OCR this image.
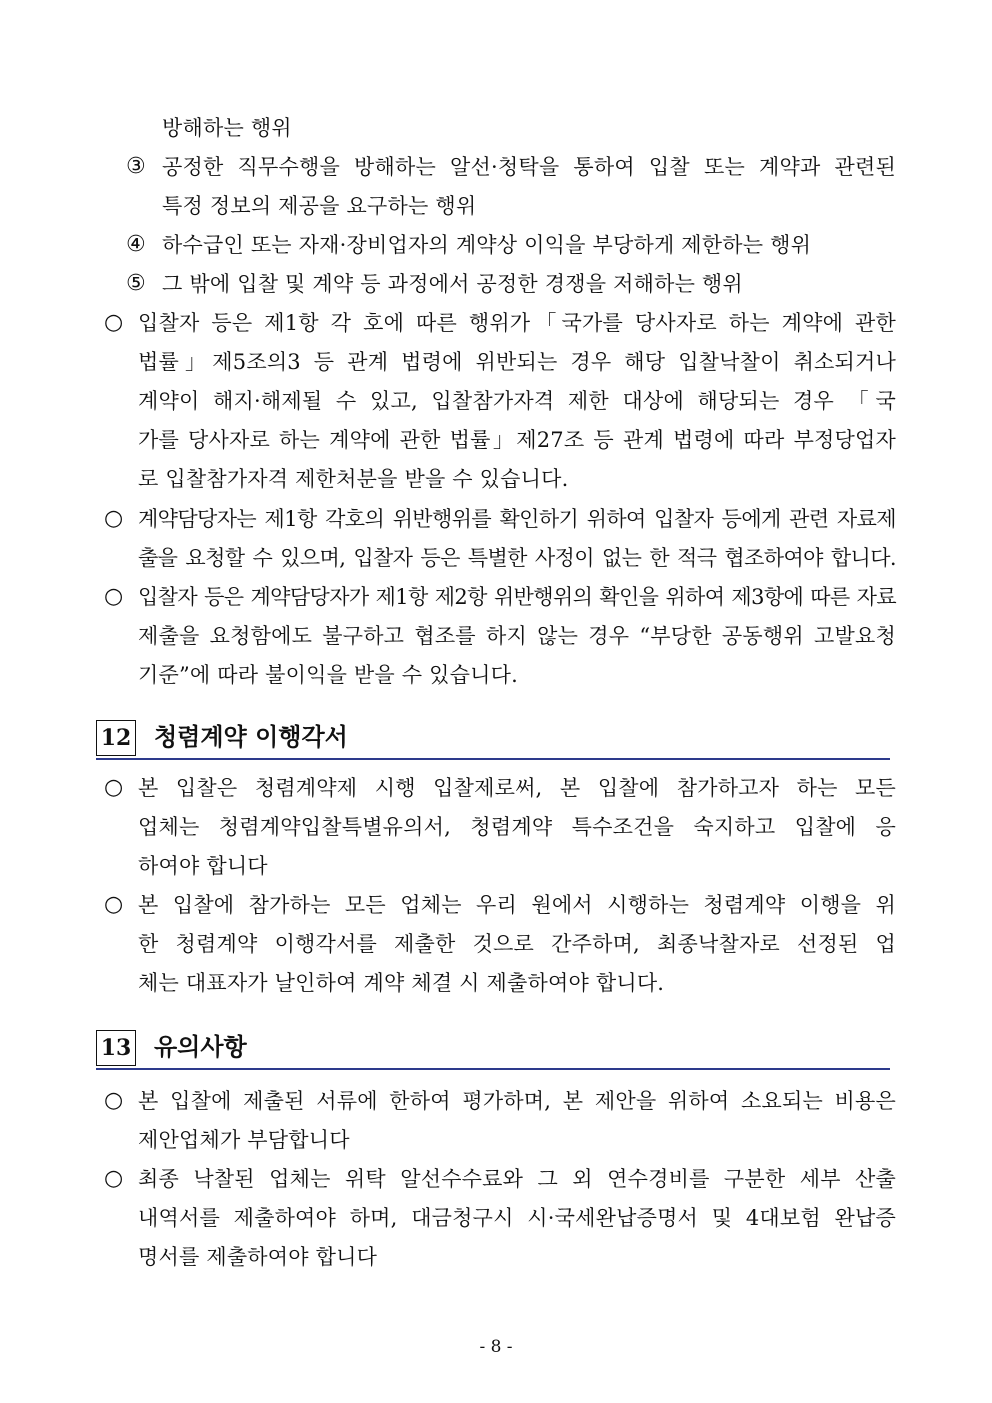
방해하는 행위
③ 공정한 직무수행을 방해하는 알선·청탁을 통하여 입찰 또는 계약과 관련된
특정 정보의 제공을 요구하는 행위
④ 하수급인 또는 자재·장비업자의 계약상 이익을 부당하게 제한하는 행위
⑤ 그 밖에 입찰 및 계약 등 과정에서 공정한 경쟁을 저해하는 행위
○ 입찰자 등은 제1항 각 호에 따른 행위가「국가를 당사자로 하는 계약에 관한
법률」제5조의3 등 관계 법령에 위반되는 경우 해당 입찰낙찰이 취소되거나
계약이 해지·해제될 수 있고, 입찰참가자격 제한 대상에 해당되는 경우 「국
가를 당사자로 하는 계약에 관한 법률」제27조 등 관계 법령에 따라 부정당업자
로 입찰참가자격 제한처분을 받을 수 있습니다.
○ 계약담당자는 제1항 각호의 위반행위를 확인하기 위하여 입찰자 등에게 관련 자료제
출을 요청할 수 있으며, 입찰자 등은 특별한 사정이 없는 한 적극 협조하여야 합니다.
○ 입찰자 등은 계약담당자가 제1항 제2항 위반행위의 확인을 위하여 제3항에 따른 자료
제출을 요청함에도 불구하고 협조를 하지 않는 경우 “부당한 공동행위 고발요청
기준”에 따라 불이익을 받을 수 있습니다.
12 청렴계약 이행각서
○ 본 입찰은 청렴계약제 시행 입찰제로써, 본 입찰에 참가하고자 하는 모든
업체는 청렴계약입찰특별유의서, 청렴계약 특수조건을 숙지하고 입찰에 응
하여야 합니다
○ 본 입찰에 참가하는 모든 업체는 우리 원에서 시행하는 청렴계약 이행을 위
한 청렴계약 이행각서를 제출한 것으로 간주하며, 최종낙찰자로 선정된 업
체는 대표자가 날인하여 계약 체결 시 제출하여야 합니다.
13 유의사항
○ 본 입찰에 제출된 서류에 한하여 평가하며, 본 제안을 위하여 소요되는 비용은
제안업체가 부담합니다
○ 최종 낙찰된 업체는 위탁 알선수수료와 그 외 연수경비를 구분한 세부 산출
내역서를 제출하여야 하며, 대금청구시 시·국세완납증명서 및 4대보험 완납증
명서를 제출하여야 합니다
- 8 -
